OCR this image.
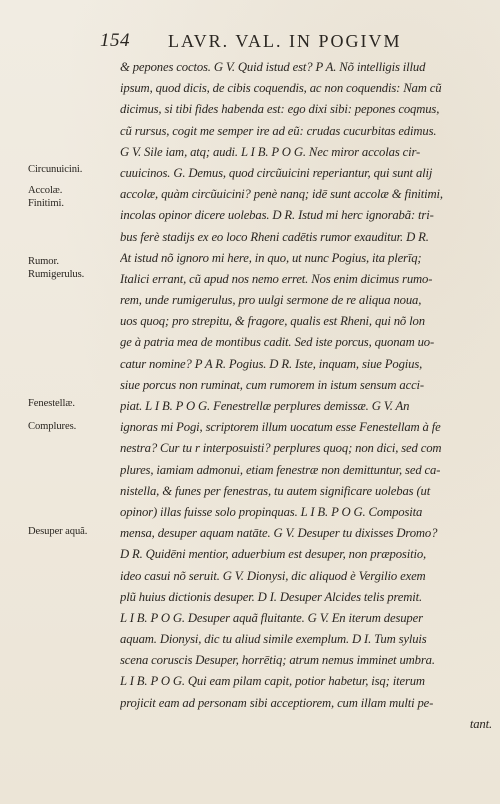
154 LAVR. VAL. IN POGIVM
& pepones coctos. G V. Quid istud est? P A. Nõ intelligis illud
ipsum, quod dicis, de cibis coquendis, ac non coquendis: Nam cũ
dicimus, si tibi fides habenda est: ego dixi sibi: pepones coqmus,
cũ rursus, cogit me semper ire ad eũ: crudas cucurbitas edimus.
G V. Sile iam, atq; audi. L I B. P O G. Nec miror accolas cir-
cuuicinos. G. Demus, quod circũuicini reperiantur, qui sunt alij
accolæ, quàm circũuicini? penè nanq; idē sunt accolæ & finitimi,
incolas opinor dicere uolebas. D R. Istud mi herc ignorabã: tri-
bus ferè stadijs ex eo loco Rheni cadētis rumor exauditur. D R.
At istud nõ ignoro mi here, in quo, ut nunc Pogius, ita plerīq;
Italici errant, cũ apud nos nemo erret. Nos enim dicimus rumo-
rem, unde rumigerulus, pro uulgi sermone de re aliqua noua,
uos quoq; pro strepitu, & fragore, qualis est Rheni, qui nõ lon
ge à patria mea de montibus cadit. Sed iste porcus, quonam uo-
catur nomine? P A R. Pogius. D R. Iste, inquam, siue Pogius,
siue porcus non ruminat, cum rumorem in istum sensum acci-
piat. L I B. P O G. Fenestrellæ perplures demissæ. G V. An
ignoras mi Pogi, scriptorem illum uocatum esse Fenestellam à fe
nestra? Cur tu r interposuisti? perplures quoq; non dici, sed com
plures, iamiam admonui, etiam fenestræ non demittuntur, sed ca-
nistella, & funes per fenestras, tu autem significare uolebas (ut
opinor) illas fuisse solo propinquas. L I B. P O G. Composita
mensa, desuper aquam natāte. G V. Desuper tu dixisses Dromo?
D R. Quidēni mentior, aduerbium est desuper, non præpositio,
ideo casui nõ seruit. G V. Dionysi, dic aliquod è Vergilio exem
plũ huius dictionis desuper. D I. Desuper Alcides telis premit.
L I B. P O G. Desuper aquã fluitante. G V. En iterum desuper
aquam. Dionysi, dic tu aliud simile exemplum. D I. Tum syluis
scena coruscis Desuper, horrētiq; atrum nemus imminet umbra.
L I B. P O G. Qui eam pilam capit, potior habetur, isq; iterum
projicit eam ad personam sibi acceptiorem, cum illam multi pe-
tant.
Circunuicini.
Accolæ.
Finitimi.
Rumor.
Rumigerulus.
Fenestellæ.
Complures.
Desuper aquã.
